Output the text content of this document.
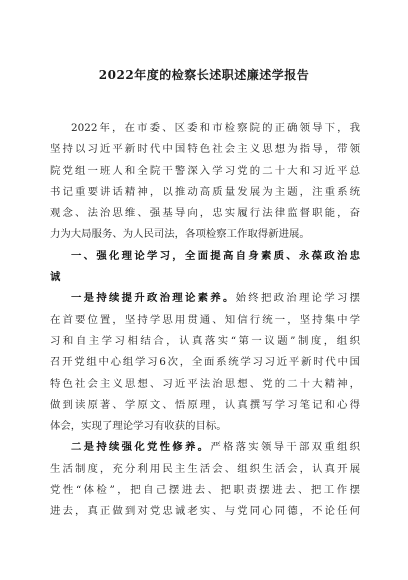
2022年度的检察长述职述廉述学报告
2022年，在市委、区委和市检察院的正确领导下，我
坚持以习近平新时代中国特色社会主义思想为指导，带领
院党组一班人和全院干警深入学习党的二十大和习近平总
书记重要讲话精神，以推动高质量发展为主题，注重系统
观念、法治思维、强基导向，忠实履行法律监督职能，奋
力为大局服务、为人民司法，各项检察工作取得新进展。
一、强化理论学习，全面提高自身素质、永葆政治忠
诚
一是持续提升政治理论素养。始终把政治理论学习摆
在首要位置，坚持学思用贯通、知信行统一，坚持集中学
习和自主学习相结合，认真落实“第一议题”制度，组织
召开党组中心组学习6次，全面系统学习习近平新时代中国
特色社会主义思想、习近平法治思想、党的二十大精神，
做到读原著、学原文、悟原理，认真撰写学习笔记和心得
体会，实现了理论学习有收获的目标。
二是持续强化党性修养。严格落实领导干部双重组织
生活制度，充分利用民主生活会、组织生活会，认真开展
党性“体检”，把自己摆进去、把职责摆进去、把工作摆
进去，真正做到对党忠诚老实、与党同心同德，不论任何
